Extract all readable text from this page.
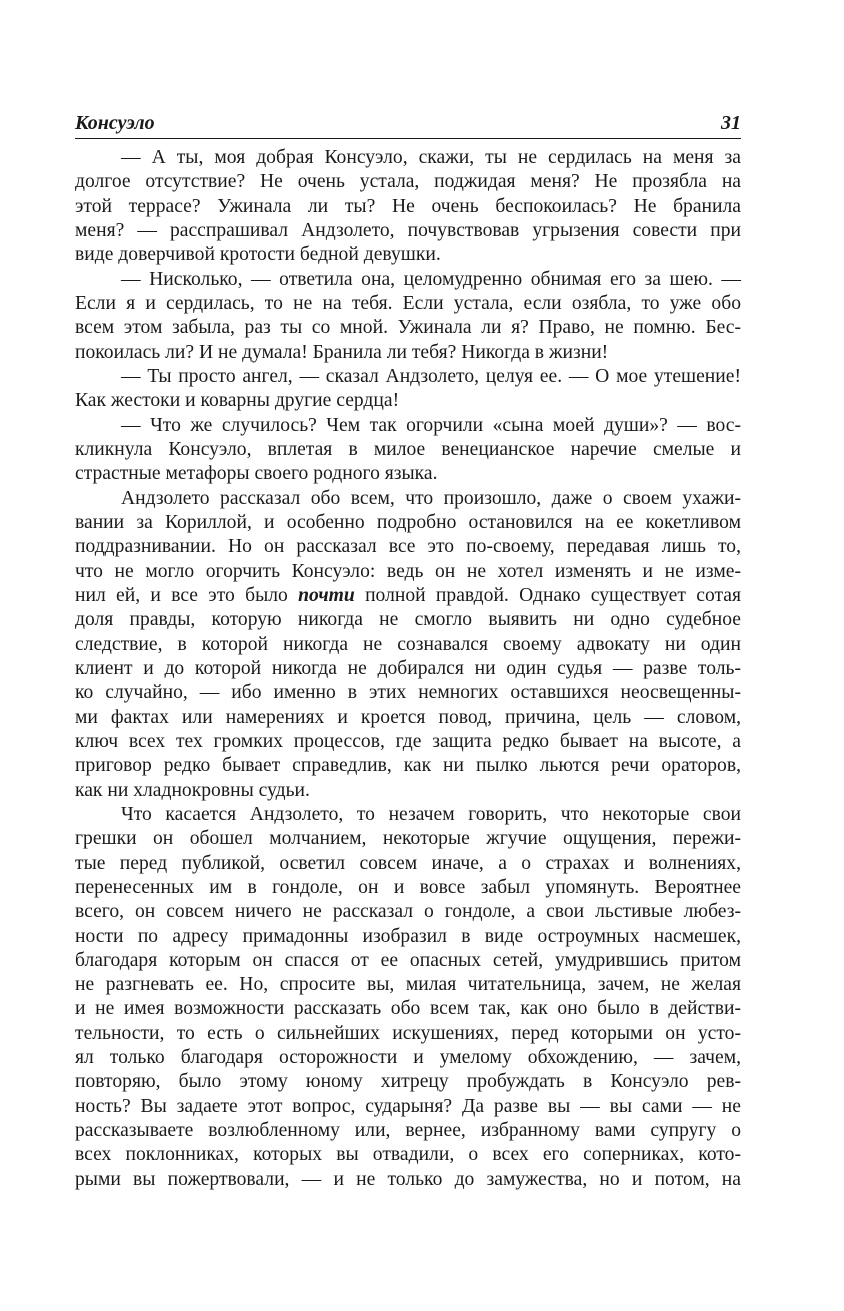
Консуэло	31

— А ты, моя добрая Консуэло, скажи, ты не сердилась на меня за
долгое отсутствие? Не очень устала, поджидая меня? Не прозябла на
этой террасе? Ужинала ли ты? Не очень беспокоилась? Не бранила
меня? — расспрашивал Андзолето, почувствовав угрызения совести при
виде доверчивой кротости бедной девушки.

— Нисколько, — ответила она, целомудренно обнимая его за шею. —
Если я и сердилась, то не на тебя. Если устала, если озябла, то уже обо
всем этом забыла, раз ты со мной. Ужинала ли я? Право, не помню. Бес-
покоилась ли? И не думала! Бранила ли тебя? Никогда в жизни!

— Ты просто ангел, — сказал Андзолето, целуя ее. — О мое утешение!
Как жестоки и коварны другие сердца!

— Что же случилось? Чем так огорчили «сына моей души»? — вос-
кликнула Консуэло, вплетая в милое венецианское наречие смелые и
страстные метафоры своего родного языка.

Андзолето рассказал обо всем, что произошло, даже о своем ухажи-
вании за Кориллой, и особенно подробно остановился на ее кокетливом
поддразнивании. Но он рассказал все это по-своему, передавая лишь то,
что не могло огорчить Консуэло: ведь он не хотел изменять и не изме-
нил ей, и все это было почти полной правдой. Однако существует сотая
доля правды, которую никогда не смогло выявить ни одно судебное
следствие, в которой никогда не сознавался своему адвокату ни один
клиент и до которой никогда не добирался ни один судья — разве толь-
ко случайно, — ибо именно в этих немногих оставшихся неосвещенны-
ми фактах или намерениях и кроется повод, причина, цель — словом,
ключ всех тех громких процессов, где защита редко бывает на высоте, а
приговор редко бывает справедлив, как ни пылко льются речи ораторов,
как ни хладнокровны судьи.

Что касается Андзолето, то незачем говорить, что некоторые свои
грешки он обошел молчанием, некоторые жгучие ощущения, пережи-
тые перед публикой, осветил совсем иначе, а о страхах и волнениях,
перенесенных им в гондоле, он и вовсе забыл упомянуть. Вероятнее
всего, он совсем ничего не рассказал о гондоле, а свои льстивые любез-
ности по адресу примадонны изобразил в виде остроумных насмешек,
благодаря которым он спасся от ее опасных сетей, умудрившись притом
не разгневать ее. Но, спросите вы, милая читательница, зачем, не желая
и не имея возможности рассказать обо всем так, как оно было в действи-
тельности, то есть о сильнейших искушениях, перед которыми он усто-
ял только благодаря осторожности и умелому обхождению, — зачем,
повторяю, было этому юному хитрецу пробуждать в Консуэло рев-
ность? Вы задаете этот вопрос, сударыня? Да разве вы — вы сами — не
рассказываете возлюбленному или, вернее, избранному вами супругу о
всех поклонниках, которых вы отвадили, о всех его соперниках, кото-
рыми вы пожертвовали, — и не только до замужества, но и потом, на
